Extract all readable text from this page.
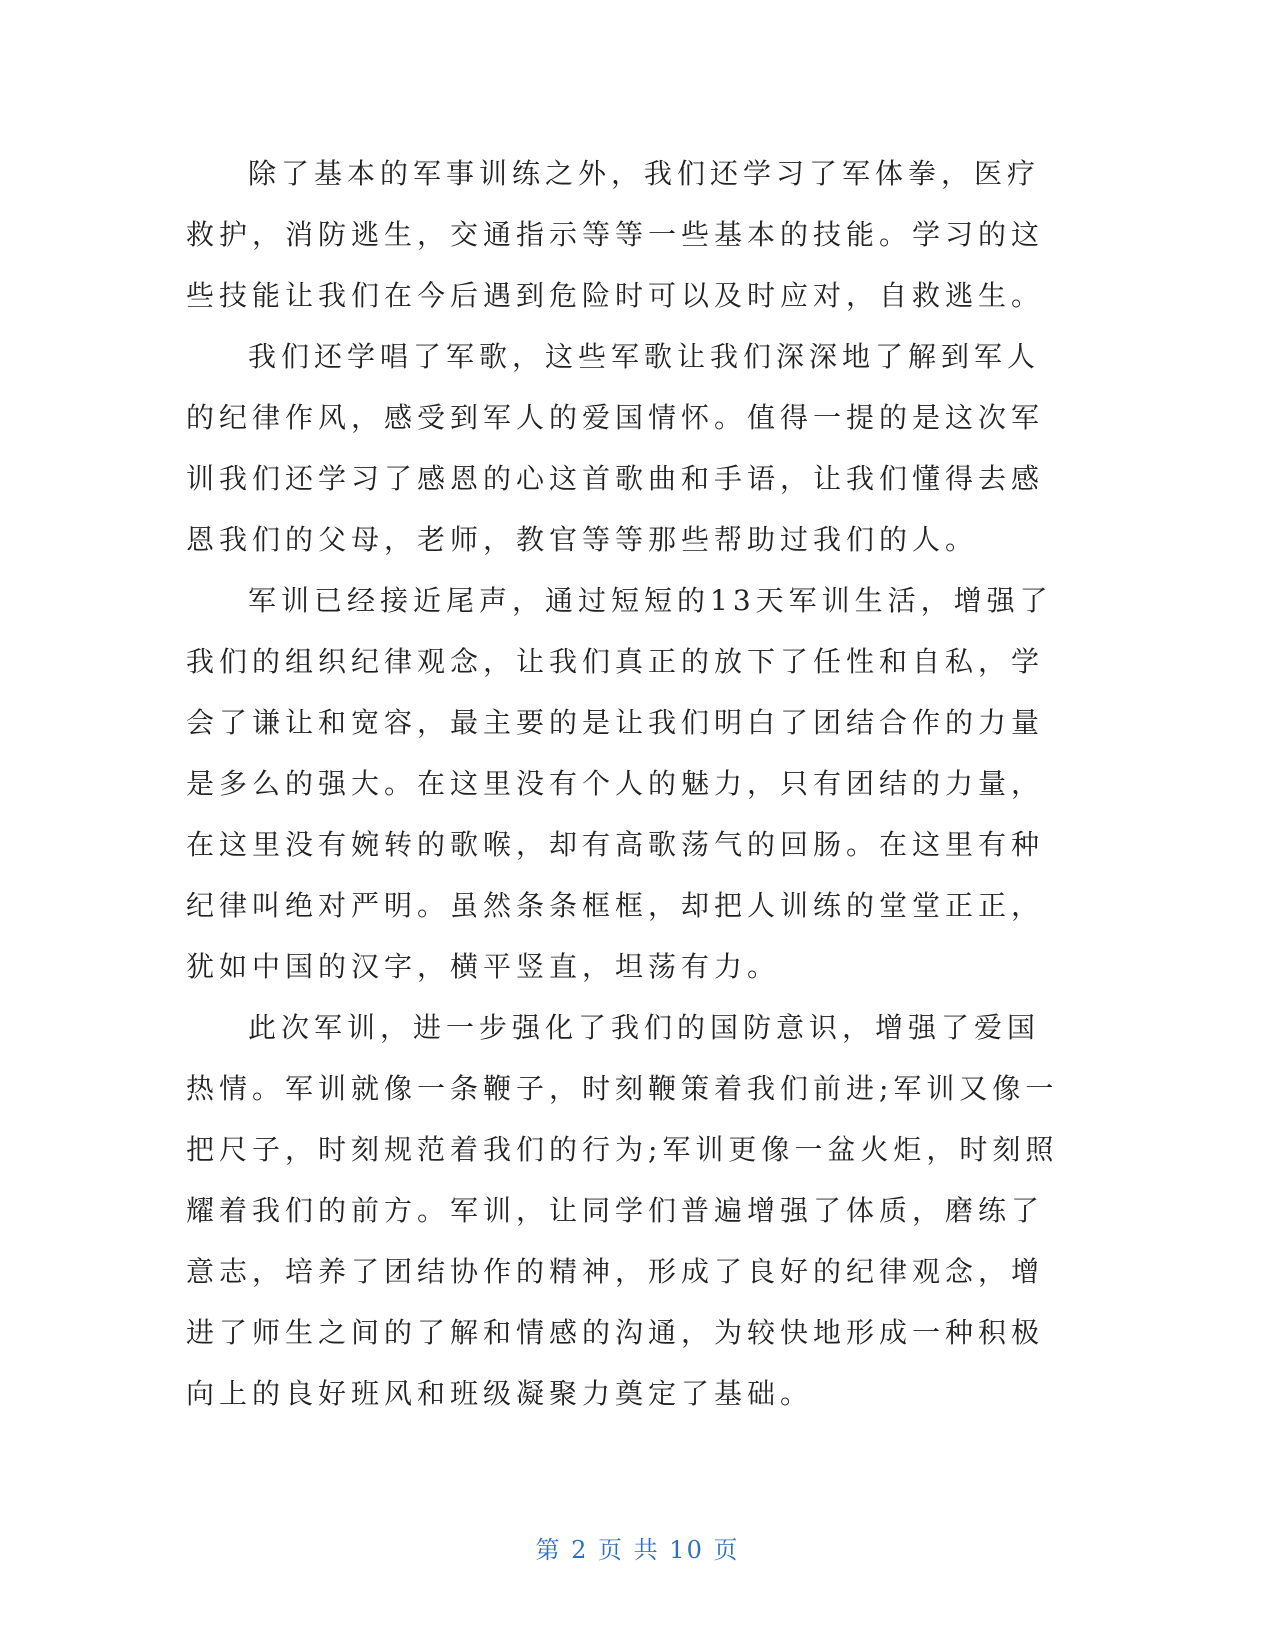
除了基本的军事训练之外，我们还学习了军体拳，医疗救护，消防逃生，交通指示等等一些基本的技能。学习的这些技能让我们在今后遇到危险时可以及时应对，自救逃生。

我们还学唱了军歌，这些军歌让我们深深地了解到军人的纪律作风，感受到军人的爱国情怀。值得一提的是这次军训我们还学习了感恩的心这首歌曲和手语，让我们懂得去感恩我们的父母，老师，教官等等那些帮助过我们的人。

军训已经接近尾声，通过短短的13天军训生活，增强了我们的组织纪律观念，让我们真正的放下了任性和自私，学会了谦让和宽容，最主要的是让我们明白了团结合作的力量是多么的强大。在这里没有个人的魅力，只有团结的力量，在这里没有婉转的歌喉，却有高歌荡气的回肠。在这里有种纪律叫绝对严明。虽然条条框框，却把人训练的堂堂正正，犹如中国的汉字，横平竖直，坦荡有力。

此次军训，进一步强化了我们的国防意识，增强了爱国热情。军训就像一条鞭子，时刻鞭策着我们前进;军训又像一把尺子，时刻规范着我们的行为;军训更像一盆火炬，时刻照耀着我们的前方。军训，让同学们普遍增强了体质，磨练了意志，培养了团结协作的精神，形成了良好的纪律观念，增进了师生之间的了解和情感的沟通，为较快地形成一种积极向上的良好班风和班级凝聚力奠定了基础。

第 2 页 共 10 页
